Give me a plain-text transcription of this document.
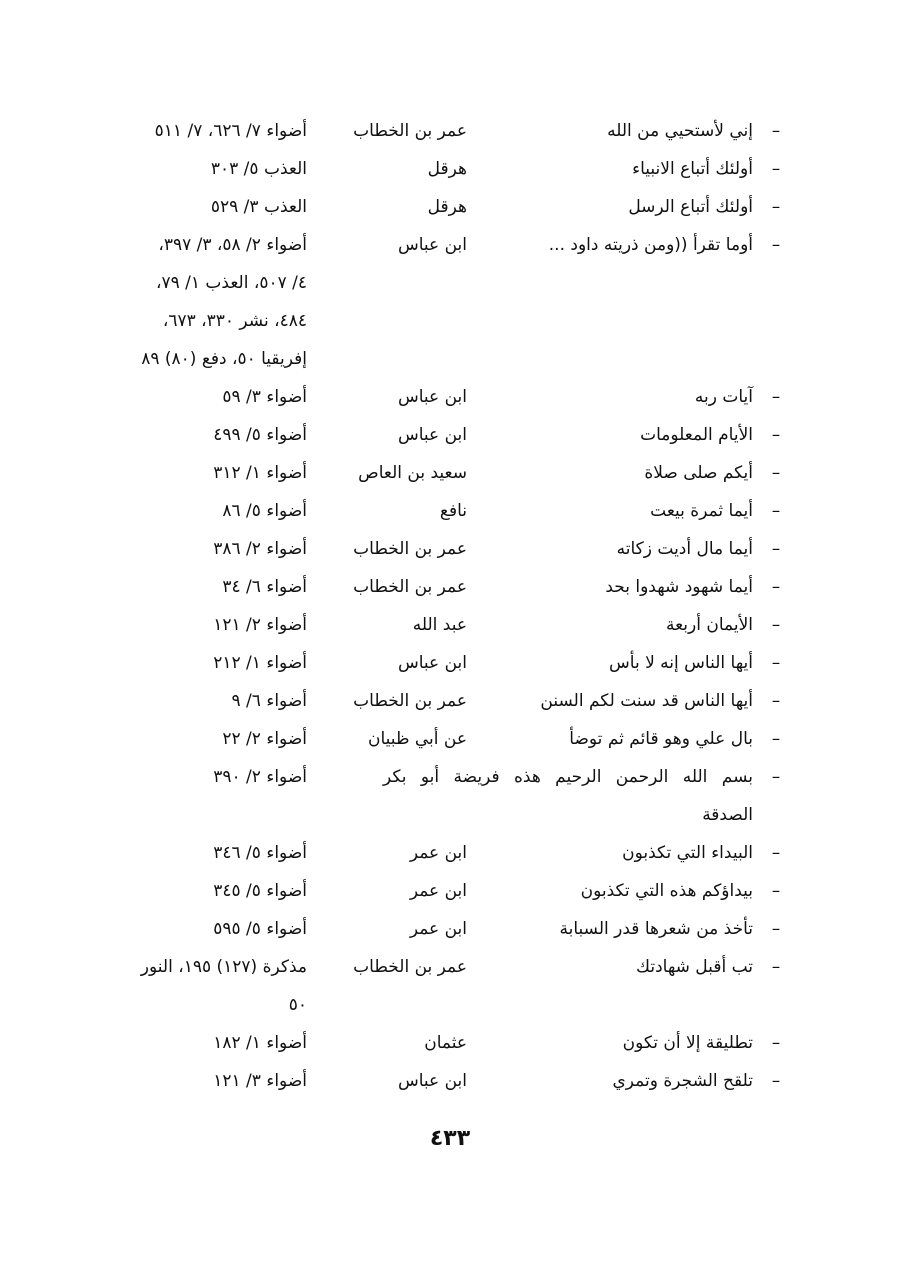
–
إني لأستحيي من الله
عمر بن الخطاب
أضواء ٧/ ٦٢٦، ٧/ ٥١١
–
أولئك أتباع الانبياء
هرقل
العذب ٥/ ٣٠٣
–
أولئك أتباع الرسل
هرقل
العذب ٣/ ٥٢٩
–
أوما تقرأ ((ومن ذريته داود ...
ابن عباس
أضواء ٢/ ٥٨، ٣/ ٣٩٧،
٤/ ٥٠٧، العذب ١/ ٧٩،
٤٨٤، نشر ٣٣٠، ٦٧٣،
إفريقيا ٥٠، دفع (٨٠) ٨٩
–
آيات ربه
ابن عباس
أضواء ٣/ ٥٩
–
الأيام المعلومات
ابن عباس
أضواء ٥/ ٤٩٩
–
أيكم صلى صلاة
سعيد بن العاص
أضواء ١/ ٣١٢
–
أيما ثمرة بيعت
نافع
أضواء ٥/ ٨٦
–
أيما مال أديت زكاته
عمر بن الخطاب
أضواء ٢/ ٣٨٦
–
أيما شهود شهدوا بحد
عمر بن الخطاب
أضواء ٦/ ٣٤
–
الأيمان أربعة
عبد الله
أضواء ٢/ ١٢١
–
أيها الناس إنه لا بأس
ابن عباس
أضواء ١/ ٢١٢
–
أيها الناس قد سنت لكم السنن
عمر بن الخطاب
أضواء ٦/ ٩
–
بال علي وهو قائم ثم توضأ
عن أبي ظبيان
أضواء ٢/ ٢٢
–
بسم الله الرحمن الرحيم هذه فريضة أبو بكر
أضواء ٢/ ٣٩٠
الصدقة
–
البيداء التي تكذبون
ابن عمر
أضواء ٥/ ٣٤٦
–
بيداؤكم هذه التي تكذبون
ابن عمر
أضواء ٥/ ٣٤٥
–
تأخذ من شعرها قدر السبابة
ابن عمر
أضواء ٥/ ٥٩٥
–
تب أقبل شهادتك
عمر بن الخطاب
مذكرة (١٢٧) ١٩٥، النور
٥٠
–
تطليقة إلا أن تكون
عثمان
أضواء ١/ ١٨٢
–
تلقح الشجرة وتمري
ابن عباس
أضواء ٣/ ١٢١
٤٣٣
